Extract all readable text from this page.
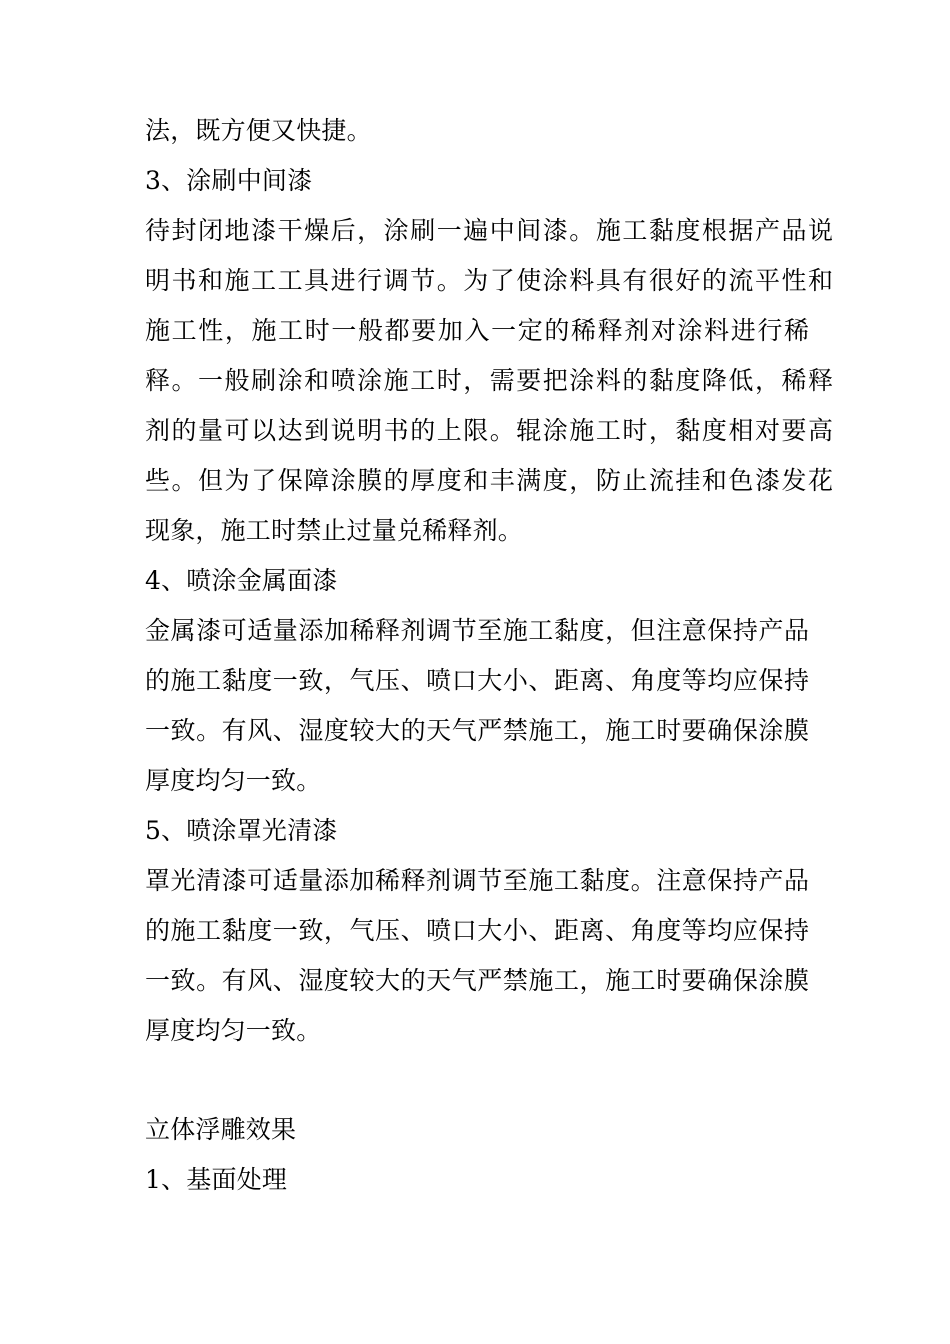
法，既方便又快捷。
3、涂刷中间漆
待封闭地漆干燥后，涂刷一遍中间漆。施工黏度根据产品说
明书和施工工具进行调节。为了使涂料具有很好的流平性和
施工性，施工时一般都要加入一定的稀释剂对涂料进行稀
释。一般刷涂和喷涂施工时，需要把涂料的黏度降低，稀释
剂的量可以达到说明书的上限。辊涂施工时，黏度相对要高
些。但为了保障涂膜的厚度和丰满度，防止流挂和色漆发花
现象，施工时禁止过量兑稀释剂。
4、喷涂金属面漆
金属漆可适量添加稀释剂调节至施工黏度，但注意保持产品
的施工黏度一致，气压、喷口大小、距离、角度等均应保持
一致。有风、湿度较大的天气严禁施工，施工时要确保涂膜
厚度均匀一致。
5、喷涂罩光清漆
罩光清漆可适量添加稀释剂调节至施工黏度。注意保持产品
的施工黏度一致，气压、喷口大小、距离、角度等均应保持
一致。有风、湿度较大的天气严禁施工，施工时要确保涂膜
厚度均匀一致。
立体浮雕效果
1、基面处理
